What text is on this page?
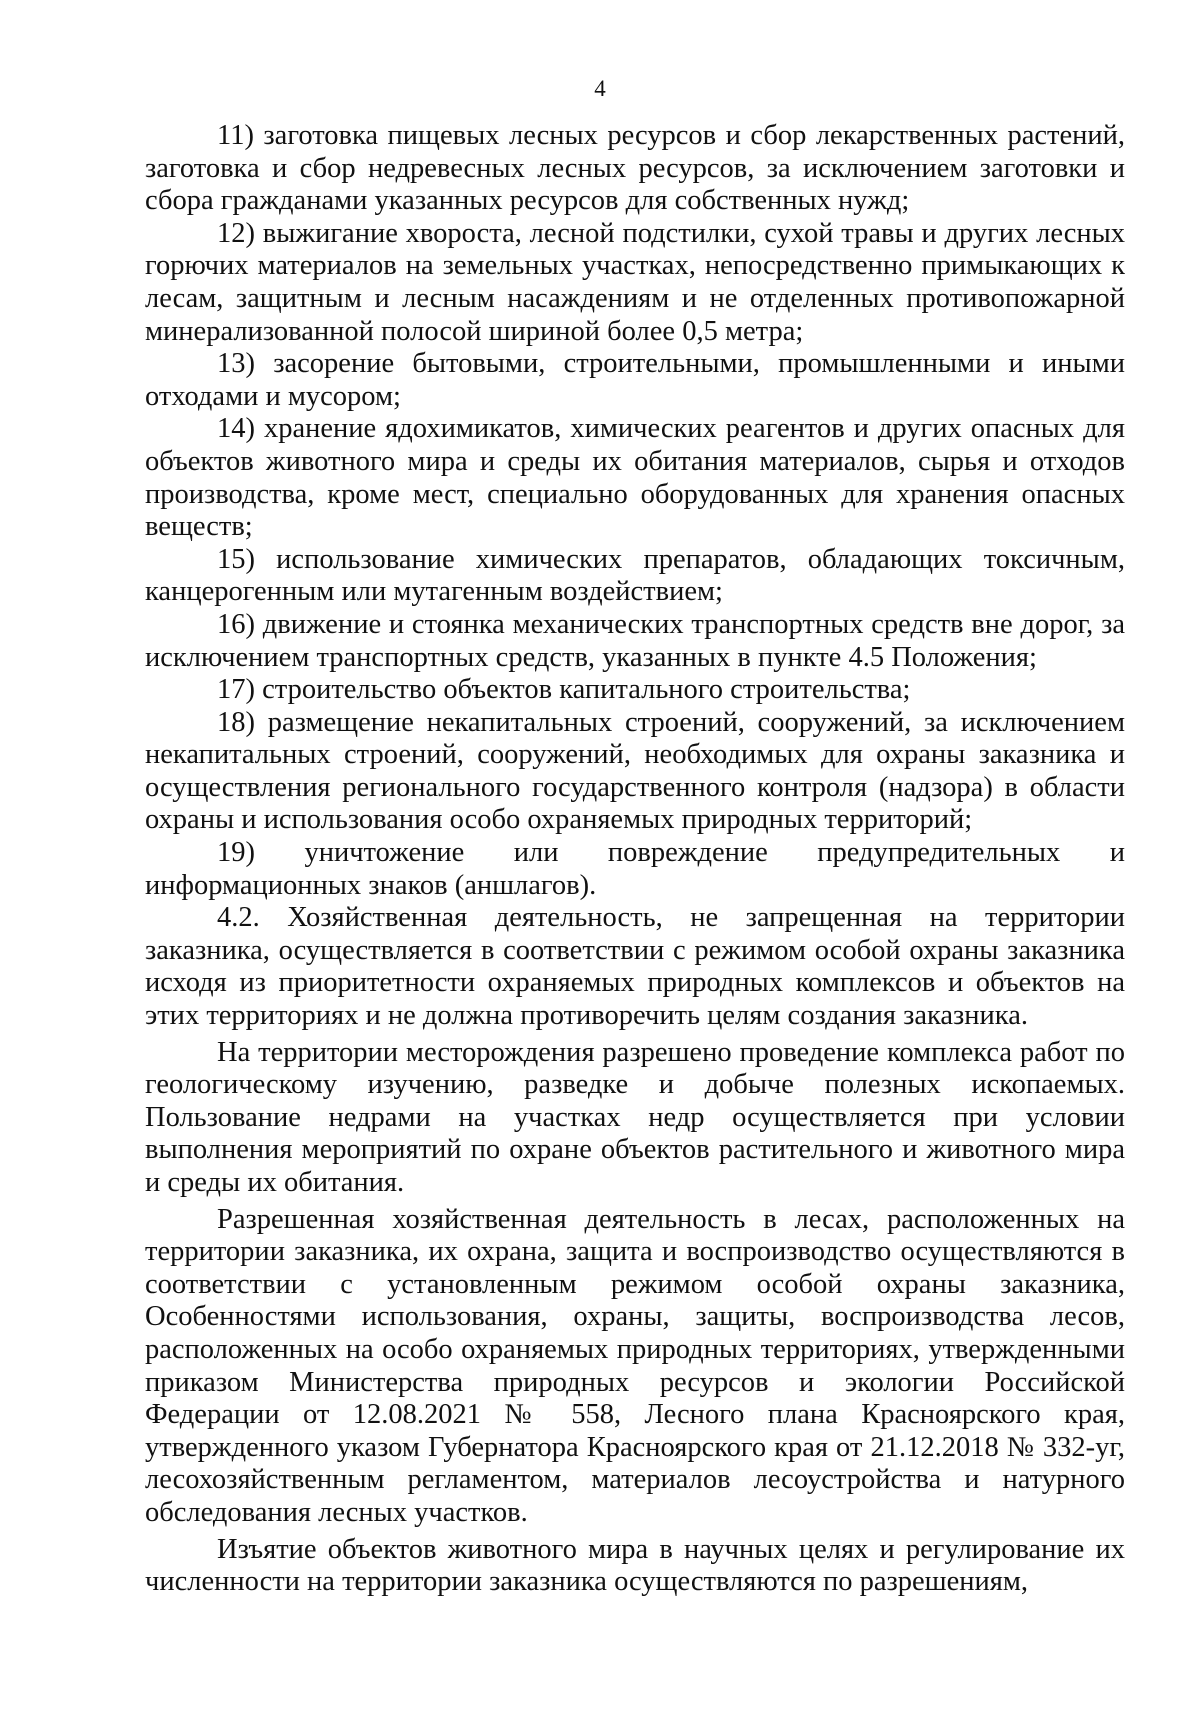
4

11) заготовка пищевых лесных ресурсов и сбор лекарственных растений, заготовка и сбор недревесных лесных ресурсов, за исключением заготовки и сбора гражданами указанных ресурсов для собственных нужд;

12) выжигание хвороста, лесной подстилки, сухой травы и других лесных горючих материалов на земельных участках, непосредственно примыкающих к лесам, защитным и лесным насаждениям и не отделенных противопожарной минерализованной полосой шириной более 0,5 метра;

13) засорение бытовыми, строительными, промышленными и иными отходами и мусором;

14) хранение ядохимикатов, химических реагентов и других опасных для объектов животного мира и среды их обитания материалов, сырья и отходов производства, кроме мест, специально оборудованных для хранения опасных веществ;

15) использование химических препаратов, обладающих токсичным, канцерогенным или мутагенным воздействием;

16) движение и стоянка механических транспортных средств вне дорог, за исключением транспортных средств, указанных в пункте 4.5 Положения;

17) строительство объектов капитального строительства;

18) размещение некапитальных строений, сооружений, за исключением некапитальных строений, сооружений, необходимых для охраны заказника и осуществления регионального государственного контроля (надзора) в области охраны и использования особо охраняемых природных территорий;

19) уничтожение или повреждение предупредительных и информационных знаков (аншлагов).

4.2. Хозяйственная деятельность, не запрещенная на территории заказника, осуществляется в соответствии с режимом особой охраны заказника исходя из приоритетности охраняемых природных комплексов и объектов на этих территориях и не должна противоречить целям создания заказника.

На территории месторождения разрешено проведение комплекса работ по геологическому изучению, разведке и добыче полезных ископаемых. Пользование недрами на участках недр осуществляется при условии выполнения мероприятий по охране объектов растительного и животного мира и среды их обитания.

Разрешенная хозяйственная деятельность в лесах, расположенных на территории заказника, их охрана, защита и воспроизводство осуществляются в соответствии с установленным режимом особой охраны заказника, Особенностями использования, охраны, защиты, воспроизводства лесов, расположенных на особо охраняемых природных территориях, утвержденными приказом Министерства природных ресурсов и экологии Российской Федерации от 12.08.2021 № 558, Лесного плана Красноярского края, утвержденного указом Губернатора Красноярского края от 21.12.2018 № 332-уг, лесохозяйственным регламентом, материалов лесоустройства и натурного обследования лесных участков.

Изъятие объектов животного мира в научных целях и регулирование их численности на территории заказника осуществляются по разрешениям,
